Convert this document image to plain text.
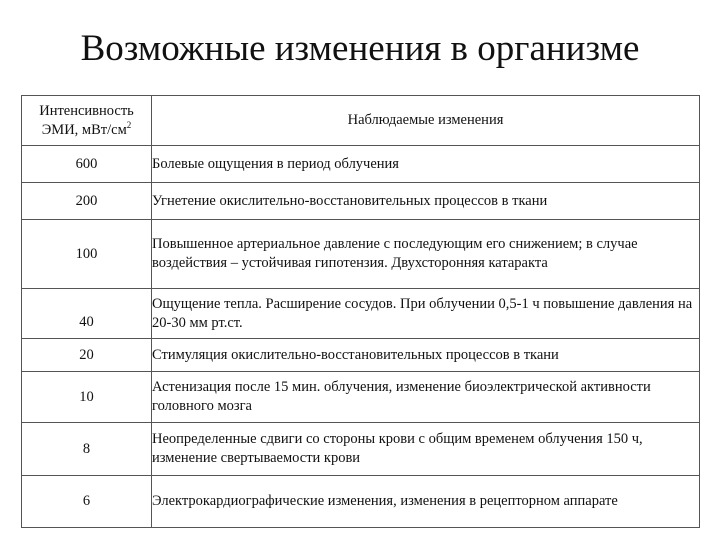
Возможные изменения в организме
Интенсивность
ЭМИ, мВт/$см^2$	Наблюдаемые изменения
600	Болевые ощущения в период облучения
200	Угнетение окислительно-восстановительных процессов в ткани
100	Повышенное артериальное давление с последующим его снижением; в случае воздействия – устойчивая гипотензия. Двухсторонняя катаракта
40	Ощущение тепла. Расширение сосудов. При облучении 0,5-1 ч повышение давления на 20-30 мм рт.ст.
20	Стимуляция окислительно-восстановительных процессов в ткани
10	Астенизация после 15 мин. облучения, изменение биоэлектрической активности головного мозга
8	Неопределенные сдвиги со стороны крови с общим временем облучения 150 ч, изменение свертываемости крови
6	Электрокардиографические изменения, изменения в рецепторном аппарате
